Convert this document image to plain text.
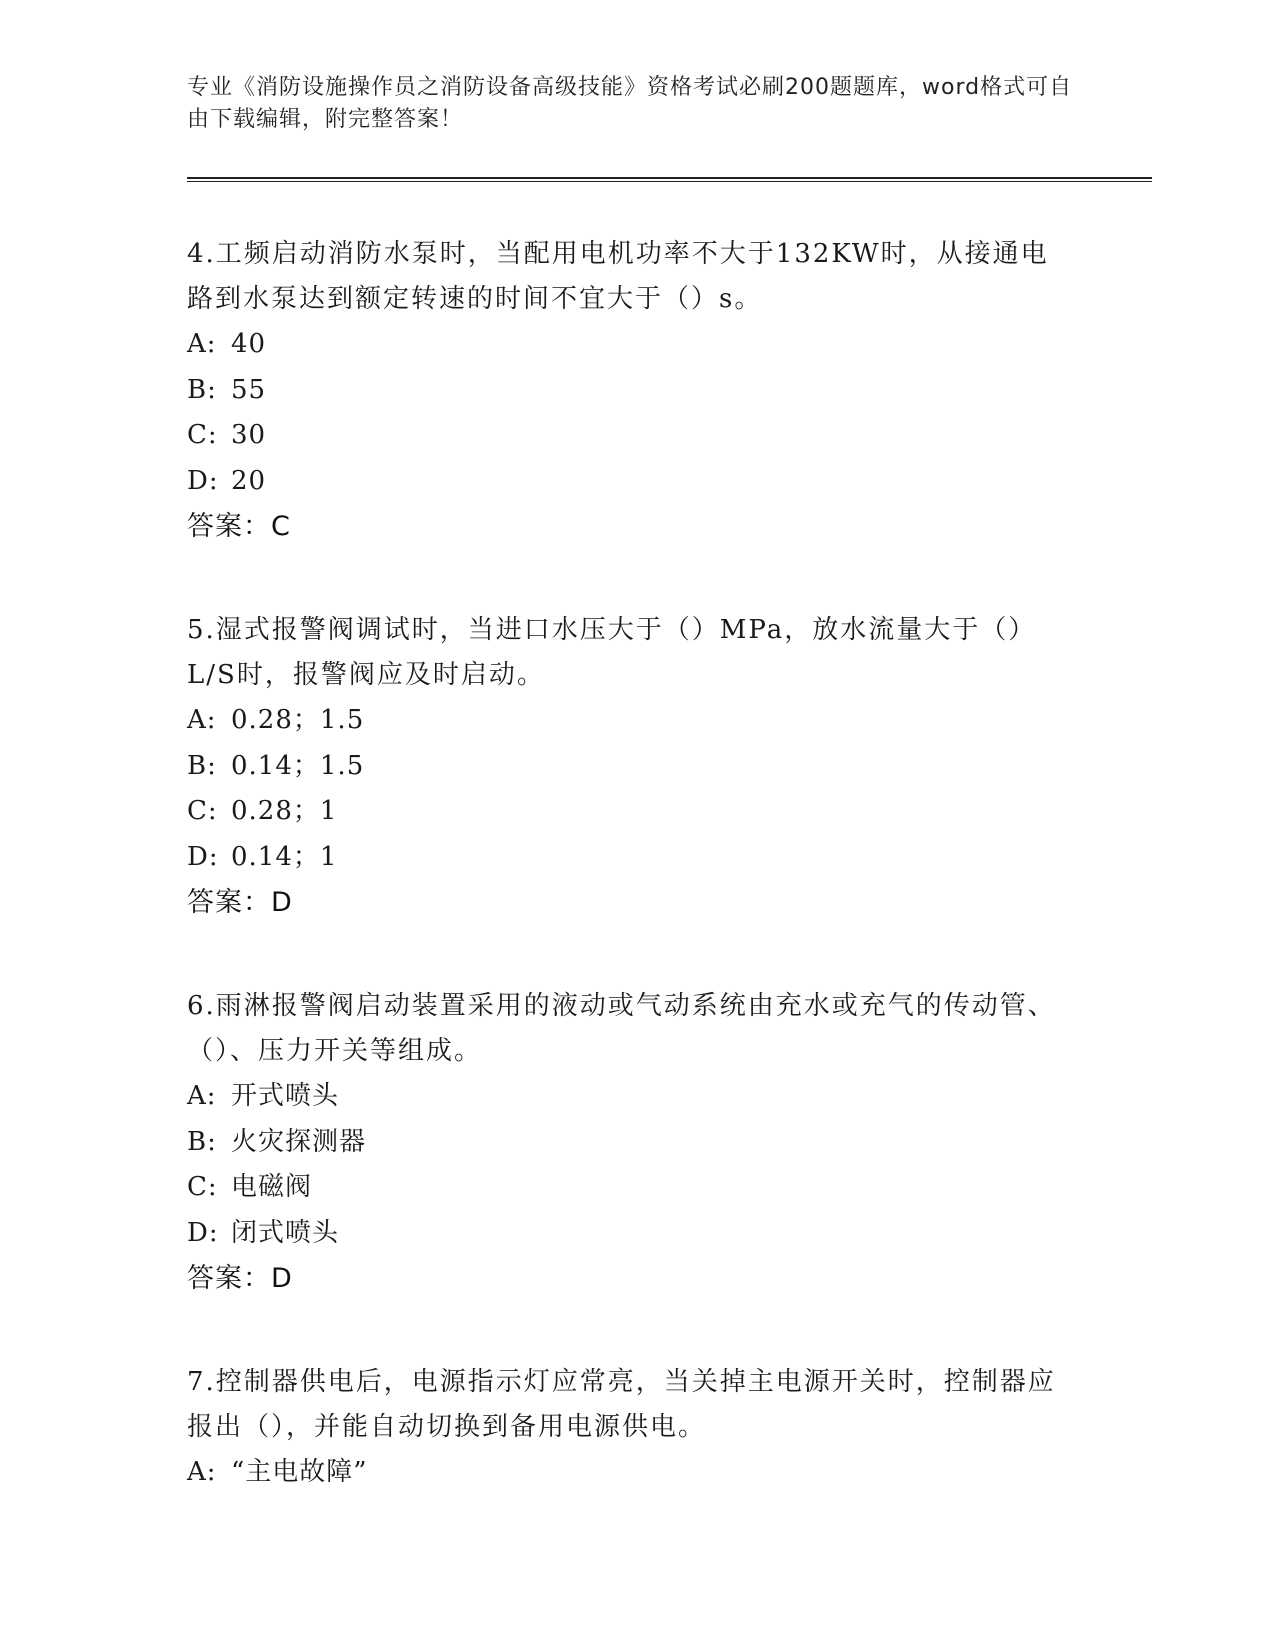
专业《消防设施操作员之消防设备高级技能》资格考试必刷200题题库，word格式可自由下载编辑，附完整答案！

4.工频启动消防水泵时，当配用电机功率不大于132KW时，从接通电路到水泵达到额定转速的时间不宜大于（）s。

A: 40
B: 55
C: 30
D: 20
答案：C

5.湿式报警阀调试时，当进口水压大于（）MPa，放水流量大于（）L/S时，报警阀应及时启动。

A: 0.28；1.5
B: 0.14；1.5
C: 0.28；1
D: 0.14；1
答案：D

6.雨淋报警阀启动装置采用的液动或气动系统由充水或充气的传动管、（）、压力开关等组成。

A: 开式喷头
B: 火灾探测器
C: 电磁阀
D: 闭式喷头
答案：D

7.控制器供电后，电源指示灯应常亮，当关掉主电源开关时，控制器应报出（），并能自动切换到备用电源供电。

A: “主电故障”
